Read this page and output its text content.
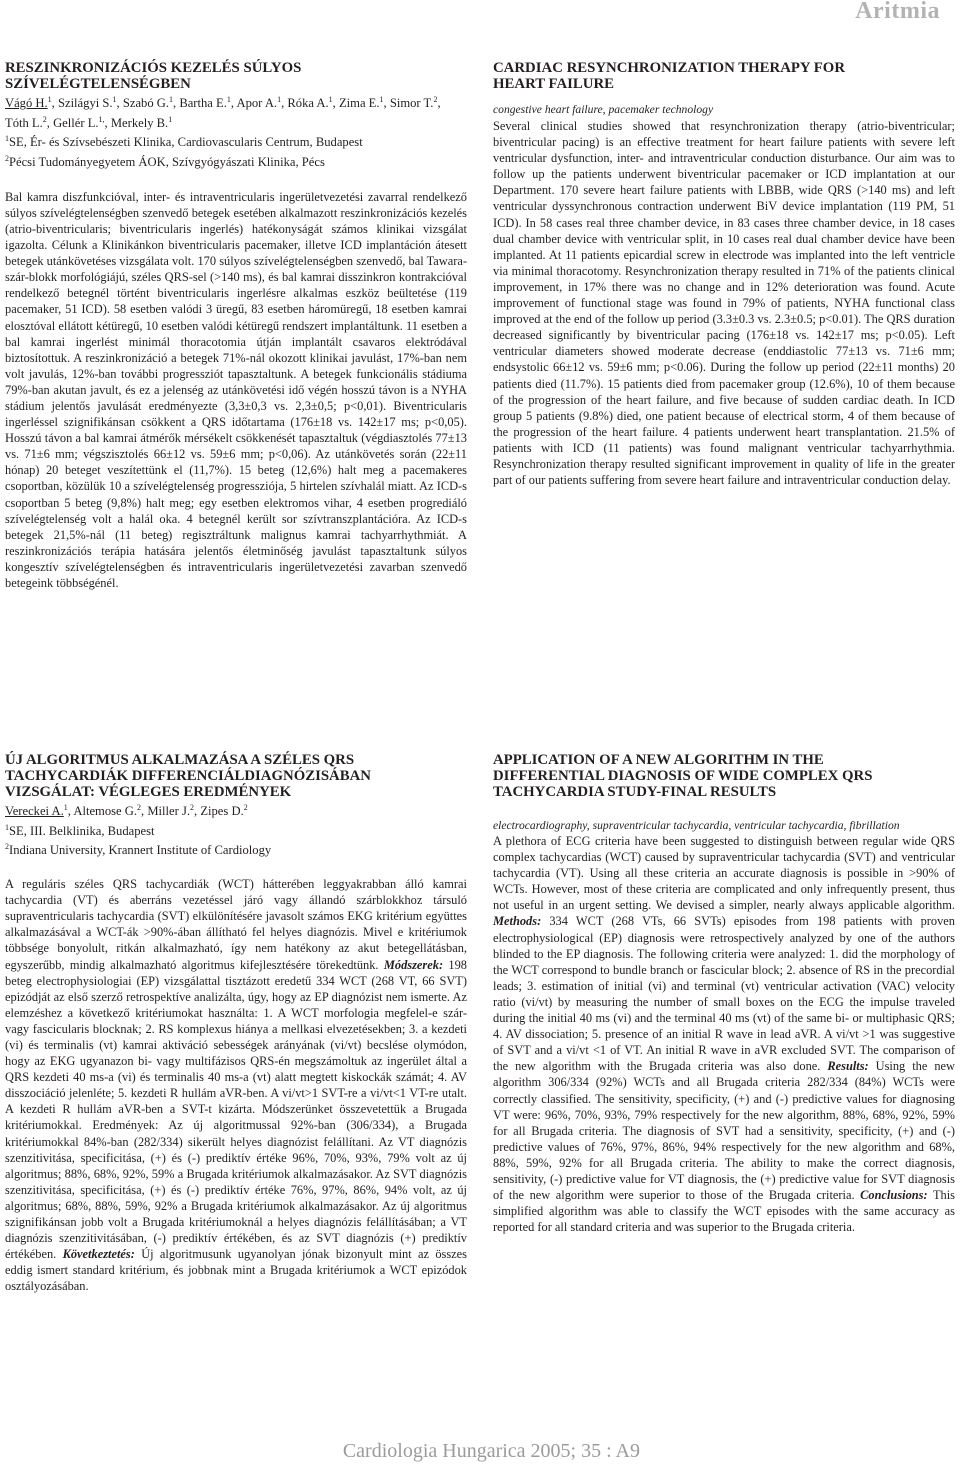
Aritmia
RESZINKRONIZÁCIÓS KEZELÉS SÚLYOS
SZÍVELÉGTELENSÉGBEN
Vágó H.$^1$, Szilágyi S.$^1$, Szabó G.$^1$, Bartha E.$^1$, Apor A.$^1$, Róka A.$^1$, Zima E.$^1$, Simor T.$^2$, Tóth L.$^2$, Gellér L.$^{1,}$, Merkely B.$^1$
$^1$SE, Ér- és Szívsebészeti Klinika, Cardiovascularis Centrum, Budapest
$^2$Pécsi Tudományegyetem ÁOK, Szívgyógyászati Klinika, Pécs
Bal kamra diszfunkcióval, inter- és intraventricularis ingerületvezetési zavarral rendelkező súlyos szívelégtelenségben szenvedő betegek esetében alkalmazott reszinkronizációs kezelés (atrio-biventricularis; biventricularis ingerlés) hatékonyságát számos klinikai vizsgálat igazolta. Célunk a Klinikánkon biventricularis pacemaker, illetve ICD implantáción átesett betegek utánkövetéses vizsgálata volt. 170 súlyos szívelégtelenségben szenvedő, bal Tawara-szár-blokk morfológiájú, széles QRS-sel (>140 ms), és bal kamrai disszinkron kontrakcióval rendelkező betegnél történt biventricularis ingerlésre alkalmas eszköz beültetése (119 pacemaker, 51 ICD). 58 esetben valódi 3 üregű, 83 esetben háromüregű, 18 esetben kamrai elosztóval ellátott kétüregű, 10 esetben valódi kétüregű rendszert implantáltunk. 11 esetben a bal kamrai ingerlést minimál thoracotomia útján implantált csavaros elektródával biztosítottuk. A reszinkronizáció a betegek 71%-nál okozott klinikai javulást, 17%-ban nem volt javulás, 12%-ban további progressziót tapasztaltunk. A betegek funkcionális stádiuma 79%-ban akutan javult, és ez a jelenség az utánkövetési idő végén hosszú távon is a NYHA stádium jelentős javulását eredményezte (3,3±0,3 vs. 2,3±0,5; p<0,01). Biventricularis ingerléssel szignifikánsan csökkent a QRS időtartama (176±18 vs. 142±17 ms; p<0,05). Hosszú távon a bal kamrai átmérők mérsékelt csökkenését tapasztaltuk (végdiasztolés 77±13 vs. 71±6 mm; végszisztolés 66±12 vs. 59±6 mm; p<0,06). Az utánkövetés során (22±11 hónap) 20 beteget veszítettünk el (11,7%). 15 beteg (12,6%) halt meg a pacemakeres csoportban, közülük 10 a szívelégtelenség progressziója, 5 hirtelen szívhalál miatt. Az ICD-s csoportban 5 beteg (9,8%) halt meg; egy esetben elektromos vihar, 4 esetben progrediáló szívelégtelenség volt a halál oka. 4 betegnél került sor szívtranszplantációra. Az ICD-s betegek 21,5%-nál (11 beteg) regisztráltunk malignus kamrai tachyarrhythmiát. A reszinkronizációs terápia hatására jelentős életminőség javulást tapasztaltunk súlyos kongesztív szívelégtelenségben és intraventricularis ingerületvezetési zavarban szenvedő betegeink többségénél.
CARDIAC RESYNCHRONIZATION THERAPY FOR
HEART FAILURE
congestive heart failure, pacemaker technology
Several clinical studies showed that resynchronization therapy (atrio-biventricular; biventricular pacing) is an effective treatment for heart failure patients with severe left ventricular dysfunction, inter- and intraventricular conduction disturbance. Our aim was to follow up the patients underwent biventricular pacemaker or ICD implantation at our Department. 170 severe heart failure patients with LBBB, wide QRS (>140 ms) and left ventricular dyssynchronous contraction underwent BiV device implantation (119 PM, 51 ICD). In 58 cases real three chamber device, in 83 cases three chamber device, in 18 cases dual chamber device with ventricular split, in 10 cases real dual chamber device have been implanted. At 11 patients epicardial screw in electrode was implanted into the left ventricle via minimal thoracotomy. Resynchronization therapy resulted in 71% of the patients clinical improvement, in 17% there was no change and in 12% deterioration was found. Acute improvement of functional stage was found in 79% of patients, NYHA functional class improved at the end of the follow up period (3.3±0.3 vs. 2.3±0.5; p<0.01). The QRS duration decreased significantly by biventricular pacing (176±18 vs. 142±17 ms; p<0.05). Left ventricular diameters showed moderate decrease (enddiastolic 77±13 vs. 71±6 mm; endsystolic 66±12 vs. 59±6 mm; p<0.06). During the follow up period (22±11 months) 20 patients died (11.7%). 15 patients died from pacemaker group (12.6%), 10 of them because of the progression of the heart failure, and five because of sudden cardiac death. In ICD group 5 patients (9.8%) died, one patient because of electrical storm, 4 of them because of the progression of the heart failure. 4 patients underwent heart transplantation. 21.5% of patients with ICD (11 patients) was found malignant ventricular tachyarrhythmia. Resynchronization therapy resulted significant improvement in quality of life in the greater part of our patients suffering from severe heart failure and intraventricular conduction delay.
ÚJ ALGORITMUS ALKALMAZÁSA A SZÉLES QRS
TACHYCARDIÁK DIFFERENCIÁLDIAGNÓZISÁBAN
VIZSGÁLAT: VÉGLEGES EREDMÉNYEK
Vereckei A.$^1$, Altemose G.$^2$, Miller J.$^2$, Zipes D.$^2$
$^1$SE, III. Belklinika, Budapest
$^2$Indiana University, Krannert Institute of Cardiology
A reguláris széles QRS tachycardiák (WCT) hátterében leggyakrabban álló kamrai tachycardia (VT) és aberráns vezetéssel járó vagy állandó szárblokkhoz társuló supraventricularis tachycardia (SVT) elkülönítésére javasolt számos EKG kritérium együttes alkalmazásával a WCT-ák >90%-ában állítható fel helyes diagnózis. Mivel e kritériumok többsége bonyolult, ritkán alkalmazható, így nem hatékony az akut betegellátásban, egyszerűbb, mindig alkalmazható algoritmus kifejlesztésére törekedtünk. Módszerek: 198 beteg electrophysiologiai (EP) vizsgálattal tisztázott eredetű 334 WCT (268 VT, 66 SVT) epizódját az első szerző retrospektíve analizálta, úgy, hogy az EP diagnózist nem ismerte. Az elemzéshez a következő kritériumokat használta: 1. A WCT morfologia megfelel-e szár- vagy fascicularis blocknak; 2. RS komplexus hiánya a mellkasi elvezetésekben; 3. a kezdeti (vi) és terminalis (vt) kamrai aktiváció sebességek arányának (vi/vt) becslése olymódon, hogy az EKG ugyanazon bi- vagy multifázisos QRS-én megszámoltuk az ingerület által a QRS kezdeti 40 ms-a (vi) és terminalis 40 ms-a (vt) alatt megtett kiskockák számát; 4. AV disszociáció jelenléte; 5. kezdeti R hullám aVR-ben. A vi/vt>1 SVT-re a vi/vt<1 VT-re utalt. A kezdeti R hullám aVR-ben a SVT-t kizárta. Módszerünket összevetettük a Brugada kritériumokkal. Eredmények: Az új algoritmussal 92%-ban (306/334), a Brugada kritériumokkal 84%-ban (282/334) sikerült helyes diagnózist felállítani. Az VT diagnózis szenzitivitása, specificitása, (+) és (-) prediktív értéke 96%, 70%, 93%, 79% volt az új algoritmus; 88%, 68%, 92%, 59% a Brugada kritériumok alkalmazásakor. Az SVT diagnózis szenzitivitása, specificitása, (+) és (-) prediktív értéke 76%, 97%, 86%, 94% volt, az új algoritmus; 68%, 88%, 59%, 92% a Brugada kritériumok alkalmazásakor. Az új algoritmus szignifikánsan jobb volt a Brugada kritériumoknál a helyes diagnózis felállításában; a VT diagnózis szenzitivitásában, (-) prediktív értékében, és az SVT diagnózis (+) prediktív értékében. Következtetés: Új algoritmusunk ugyanolyan jónak bizonyult mint az összes eddig ismert standard kritérium, és jobbnak mint a Brugada kritériumok a WCT epizódok osztályozásában.
APPLICATION OF A NEW ALGORITHM IN THE
DIFFERENTIAL DIAGNOSIS OF WIDE COMPLEX QRS
TACHYCARDIA STUDY-FINAL RESULTS
electrocardiography, supraventricular tachycardia, ventricular tachycardia, fibrillation
A plethora of ECG criteria have been suggested to distinguish between regular wide QRS complex tachycardias (WCT) caused by supraventricular tachycardia (SVT) and ventricular tachycardia (VT). Using all these criteria an accurate diagnosis is possible in >90% of WCTs. However, most of these criteria are complicated and only infrequently present, thus not useful in an urgent setting. We devised a simpler, nearly always applicable algorithm. Methods: 334 WCT (268 VTs, 66 SVTs) episodes from 198 patients with proven electrophysiological (EP) diagnosis were retrospectively analyzed by one of the authors blinded to the EP diagnosis. The following criteria were analyzed: 1. did the morphology of the WCT correspond to bundle branch or fascicular block; 2. absence of RS in the precordial leads; 3. estimation of initial (vi) and terminal (vt) ventricular activation (VAC) velocity ratio (vi/vt) by measuring the number of small boxes on the ECG the impulse traveled during the initial 40 ms (vi) and the terminal 40 ms (vt) of the same bi- or multiphasic QRS; 4. AV dissociation; 5. presence of an initial R wave in lead aVR. A vi/vt >1 was suggestive of SVT and a vi/vt <1 of VT. An initial R wave in aVR excluded SVT. The comparison of the new algorithm with the Brugada criteria was also done. Results: Using the new algorithm 306/334 (92%) WCTs and all Brugada criteria 282/334 (84%) WCTs were correctly classified. The sensitivity, specificity, (+) and (-) predictive values for diagnosing VT were: 96%, 70%, 93%, 79% respectively for the new algorithm, 88%, 68%, 92%, 59% for all Brugada criteria. The diagnosis of SVT had a sensitivity, specificity, (+) and (-) predictive values of 76%, 97%, 86%, 94% respectively for the new algorithm and 68%, 88%, 59%, 92% for all Brugada criteria. The ability to make the correct diagnosis, sensitivity, (-) predictive value for VT diagnosis, the (+) predictive value for SVT diagnosis of the new algorithm were superior to those of the Brugada criteria. Conclusions: This simplified algorithm was able to classify the WCT episodes with the same accuracy as reported for all standard criteria and was superior to the Brugada criteria.
Cardiologia Hungarica 2005; 35 : A9
